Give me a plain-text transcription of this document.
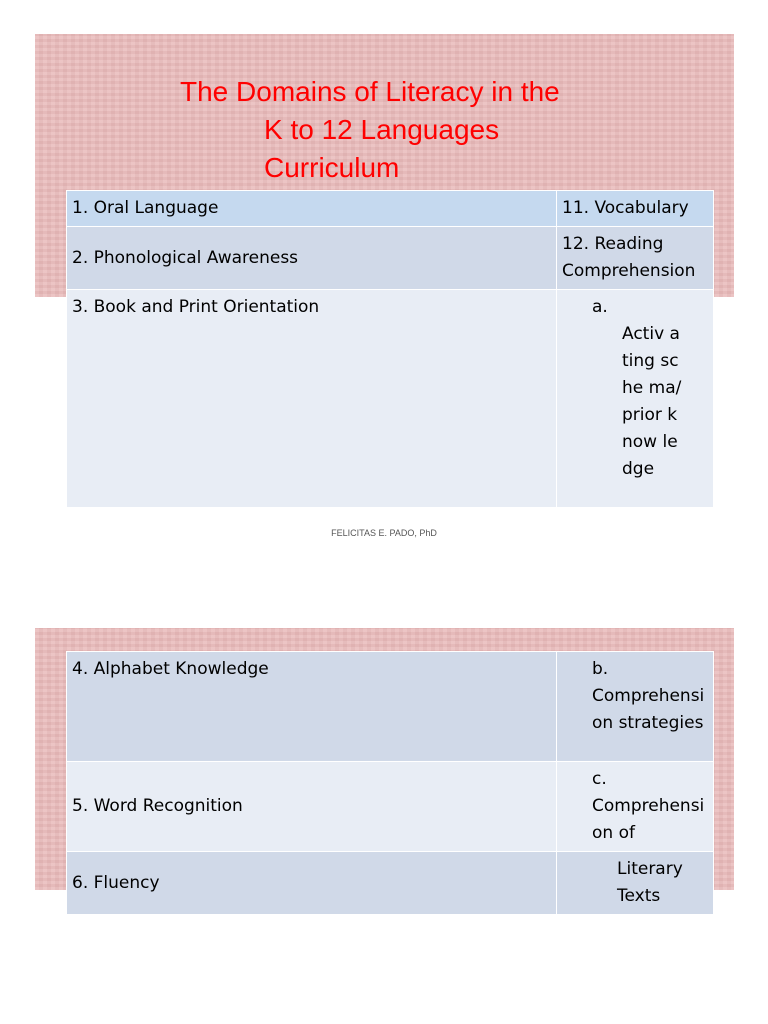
The Domains of Literacy in the
K to 12 Languages
Curriculum
1. Oral Language	11. Vocabulary
2. Phonological Awareness	12. Reading Comprehension
3. Book and Print Orientation	a.
Activ ating sche ma/ prior know ledge
FELICITAS E. PADO, PhD
4. Alphabet Knowledge	b.
Comprehension strategies

5. Word Recognition	c.
Comprehension of

6. Fluency	Literary Texts
